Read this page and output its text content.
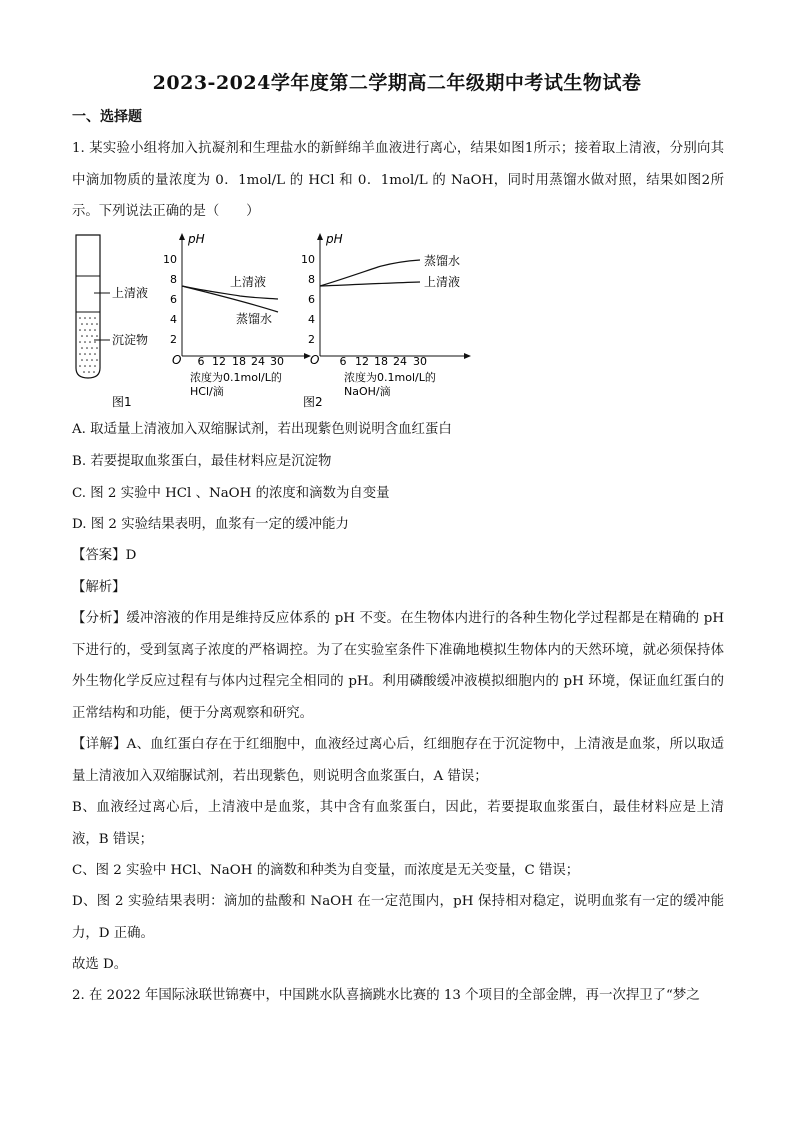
2023-2024学年度第二学期高二年级期中考试生物试卷
一、选择题
1. 某实验小组将加入抗凝剂和生理盐水的新鲜绵羊血液进行离心，结果如图1所示；接着取上清液，分别向其中滴加物质的量浓度为 0．1mol/L 的 HCl 和 0．1mol/L 的 NaOH，同时用蒸馏水做对照，结果如图2所示。下列说法正确的是（　　）
上清液
沉淀物
图1
pH
O
10
8
6
4
2
6 12 18 24 30
上清液
蒸馏水
浓度为0.1mol/L的
HCl/滴
pH
O
10
8
6
4
2
6 12 18 24 30
蒸馏水
上清液
浓度为0.1mol/L的
NaOH/滴
图2
A. 取适量上清液加入双缩脲试剂，若出现紫色则说明含血红蛋白
B. 若要提取血浆蛋白，最佳材料应是沉淀物
C. 图 2 实验中 HCl 、NaOH 的浓度和滴数为自变量
D. 图 2 实验结果表明，血浆有一定的缓冲能力
【答案】D
【解析】
【分析】缓冲溶液的作用是维持反应体系的 pH 不变。在生物体内进行的各种生物化学过程都是在精确的 pH 下进行的，受到氢离子浓度的严格调控。为了在实验室条件下准确地模拟生物体内的天然环境，就必须保持体外生物化学反应过程有与体内过程完全相同的 pH。利用磷酸缓冲液模拟细胞内的 pH 环境，保证血红蛋白的正常结构和功能，便于分离观察和研究。
【详解】A、血红蛋白存在于红细胞中，血液经过离心后，红细胞存在于沉淀物中，上清液是血浆，所以取适量上清液加入双缩脲试剂，若出现紫色，则说明含血浆蛋白，A 错误；
B、血液经过离心后，上清液中是血浆，其中含有血浆蛋白，因此，若要提取血浆蛋白，最佳材料应是上清液，B 错误；
C、图 2 实验中 HCl、NaOH 的滴数和种类为自变量，而浓度是无关变量，C 错误；
D、图 2 实验结果表明：滴加的盐酸和 NaOH 在一定范围内，pH 保持相对稳定，说明血浆有一定的缓冲能力，D 正确。
故选 D。
2. 在 2022 年国际泳联世锦赛中，中国跳水队喜摘跳水比赛的 13 个项目的全部金牌，再一次捍卫了“梦之
